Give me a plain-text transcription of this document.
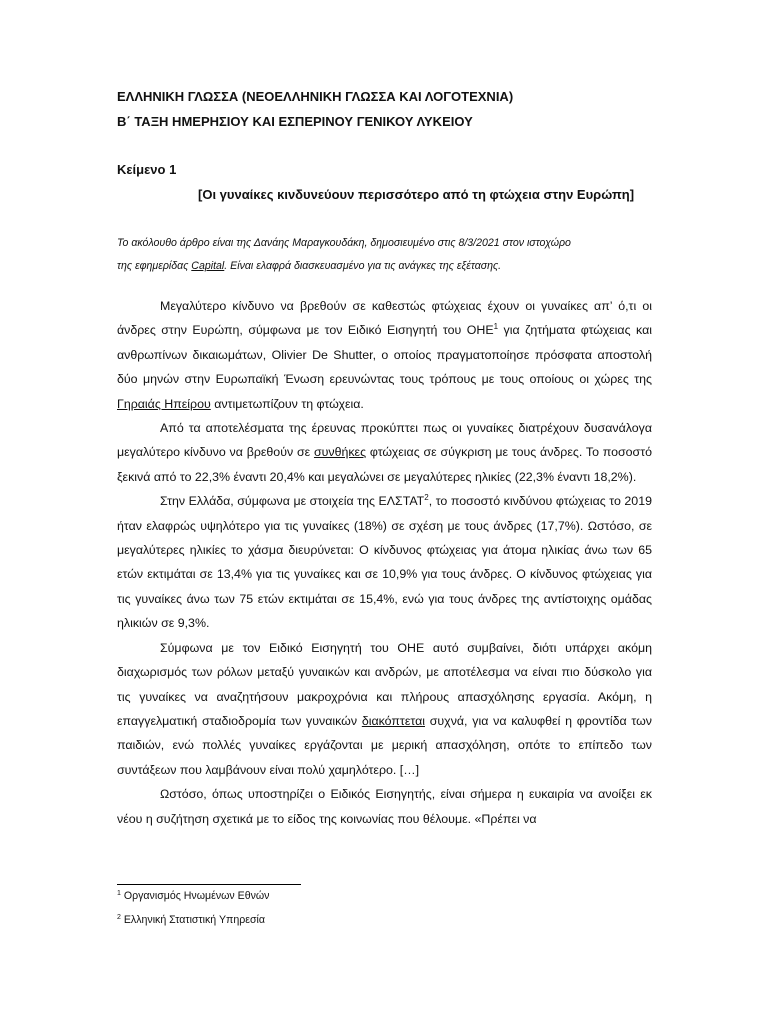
ΕΛΛΗΝΙΚΗ ΓΛΩΣΣΑ (ΝΕΟΕΛΛΗΝΙΚΗ ΓΛΩΣΣΑ ΚΑΙ ΛΟΓΟΤΕΧΝΙΑ)
Β΄ ΤΑΞΗ ΗΜΕΡΗΣΙΟΥ ΚΑΙ ΕΣΠΕΡΙΝΟΥ ΓΕΝΙΚΟΥ ΛΥΚΕΙΟΥ
Κείμενο 1
[Οι γυναίκες κινδυνεύουν περισσότερο από τη φτώχεια στην Ευρώπη]
Το ακόλουθο άρθρο είναι της Δανάης Μαραγκουδάκη, δημοσιευμένο στις 8/3/2021 στον ιστοχώρο
της εφημερίδας Capital. Είναι ελαφρά διασκευασμένο για τις ανάγκες της εξέτασης.

Μεγαλύτερο κίνδυνο να βρεθούν σε καθεστώς φτώχειας έχουν οι γυναίκες απ’ ό,τι οι άνδρες στην Ευρώπη, σύμφωνα με τον Ειδικό Εισηγητή του ΟΗΕ$^1$ για ζητήματα φτώχειας και ανθρωπίνων δικαιωμάτων, Olivier De Shutter, ο οποίος πραγματοποίησε πρόσφατα αποστολή δύο μηνών στην Ευρωπαϊκή Ένωση ερευνώντας τους τρόπους με τους οποίους οι χώρες της Γηραιάς Ηπείρου αντιμετωπίζουν τη φτώχεια.

Από τα αποτελέσματα της έρευνας προκύπτει πως οι γυναίκες διατρέχουν δυσανάλογα μεγαλύτερο κίνδυνο να βρεθούν σε συνθήκες φτώχειας σε σύγκριση με τους άνδρες. Το ποσοστό ξεκινά από το 22,3% έναντι 20,4% και μεγαλώνει σε μεγαλύτερες ηλικίες (22,3% έναντι 18,2%).

Στην Ελλάδα, σύμφωνα με στοιχεία της ΕΛΣΤΑΤ$^2$, το ποσοστό κινδύνου φτώχειας το 2019 ήταν ελαφρώς υψηλότερο για τις γυναίκες (18%) σε σχέση με τους άνδρες (17,7%). Ωστόσο, σε μεγαλύτερες ηλικίες το χάσμα διευρύνεται: Ο κίνδυνος φτώχειας για άτομα ηλικίας άνω των 65 ετών εκτιμάται σε 13,4% για τις γυναίκες και σε 10,9% για τους άνδρες. Ο κίνδυνος φτώχειας για τις γυναίκες άνω των 75 ετών εκτιμάται σε 15,4%, ενώ για τους άνδρες της αντίστοιχης ομάδας ηλικιών σε 9,3%.

Σύμφωνα με τον Ειδικό Εισηγητή του ΟΗΕ αυτό συμβαίνει, διότι υπάρχει ακόμη διαχωρισμός των ρόλων μεταξύ γυναικών και ανδρών, με αποτέλεσμα να είναι πιο δύσκολο για τις γυναίκες να αναζητήσουν μακροχρόνια και πλήρους απασχόλησης εργασία. Ακόμη, η επαγγελματική σταδιοδρομία των γυναικών διακόπτεται συχνά, για να καλυφθεί η φροντίδα των παιδιών, ενώ πολλές γυναίκες εργάζονται με μερική απασχόληση, οπότε το επίπεδο των συντάξεων που λαμβάνουν είναι πολύ χαμηλότερο. […]

Ωστόσο, όπως υποστηρίζει ο Ειδικός Εισηγητής, είναι σήμερα η ευκαιρία να ανοίξει εκ νέου η συζήτηση σχετικά με το είδος της κοινωνίας που θέλουμε. «Πρέπει να

$^1$ Οργανισμός Ηνωμένων Εθνών
$^2$ Ελληνική Στατιστική Υπηρεσία
